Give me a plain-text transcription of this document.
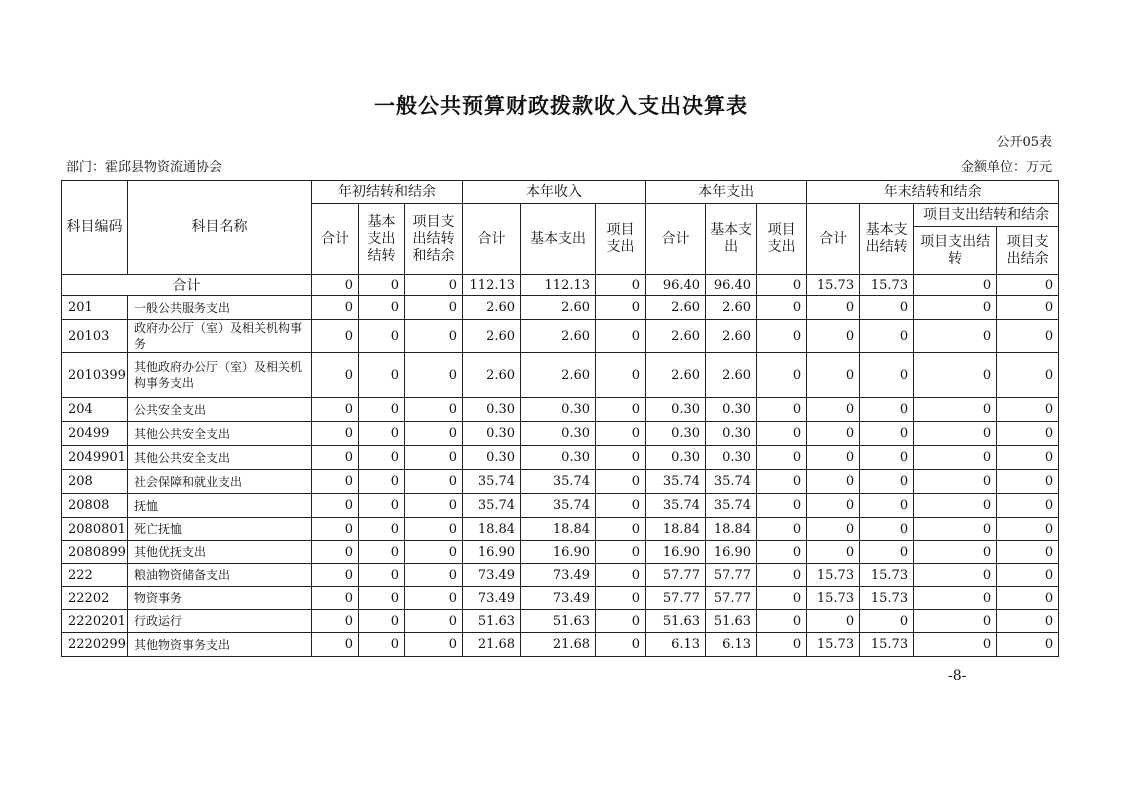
一般公共预算财政拨款收入支出决算表
公开05表
部门：霍邱县物资流通协会	金额单位：万元
科目编码	科目名称	年初结转和结余			本年收入			本年支出			年末结转和结余			
		合计	基本支出结转	项目支出结转和结余	合计	基本支出	项目支出	合计	基本支出	项目支出	合计	基本支出结转	项目支出结转和结余	
													项目支出结转	项目支出结余
合计		0	0	0	112.13	112.13	0	96.40	96.40	0	15.73	15.73	0	0
201	一般公共服务支出	0	0	0	2.60	2.60	0	2.60	2.60	0	0	0	0	0
20103	政府办公厅（室）及相关机构事务	0	0	0	2.60	2.60	0	2.60	2.60	0	0	0	0	0
2010399	其他政府办公厅（室）及相关机构事务支出	0	0	0	2.60	2.60	0	2.60	2.60	0	0	0	0	0
204	公共安全支出	0	0	0	0.30	0.30	0	0.30	0.30	0	0	0	0	0
20499	其他公共安全支出	0	0	0	0.30	0.30	0	0.30	0.30	0	0	0	0	0
2049901	其他公共安全支出	0	0	0	0.30	0.30	0	0.30	0.30	0	0	0	0	0
208	社会保障和就业支出	0	0	0	35.74	35.74	0	35.74	35.74	0	0	0	0	0
20808	抚恤	0	0	0	35.74	35.74	0	35.74	35.74	0	0	0	0	0
2080801	死亡抚恤	0	0	0	18.84	18.84	0	18.84	18.84	0	0	0	0	0
2080899	其他优抚支出	0	0	0	16.90	16.90	0	16.90	16.90	0	0	0	0	0
222	粮油物资储备支出	0	0	0	73.49	73.49	0	57.77	57.77	0	15.73	15.73	0	0
22202	物资事务	0	0	0	73.49	73.49	0	57.77	57.77	0	15.73	15.73	0	0
2220201	行政运行	0	0	0	51.63	51.63	0	51.63	51.63	0	0	0	0	0
2220299	其他物资事务支出	0	0	0	21.68	21.68	0	6.13	6.13	0	15.73	15.73	0	0
-8-
